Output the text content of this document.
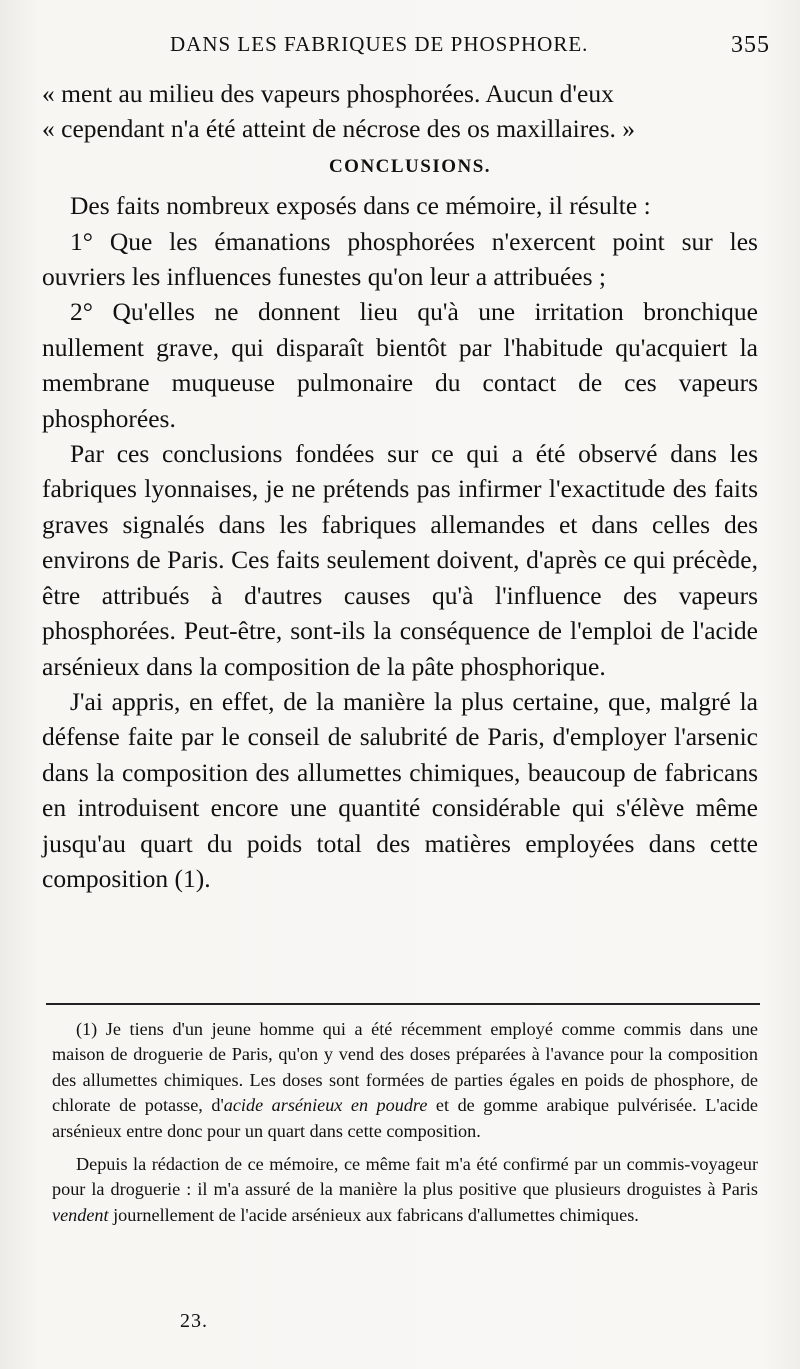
DANS LES FABRIQUES DE PHOSPHORE.	355

« ment au milieu des vapeurs phosphorées. Aucun d'eux

« cependant n'a été atteint de nécrose des os maxillaires. »

CONCLUSIONS.

Des faits nombreux exposés dans ce mémoire, il résulte :

1° Que les émanations phosphorées n'exercent point sur les ouvriers les influences funestes qu'on leur a attribuées ;

2° Qu'elles ne donnent lieu qu'à une irritation bronchique nullement grave, qui disparaît bientôt par l'habitude qu'acquiert la membrane muqueuse pulmonaire du contact de ces vapeurs phosphorées.

Par ces conclusions fondées sur ce qui a été observé dans les fabriques lyonnaises, je ne prétends pas infirmer l'exactitude des faits graves signalés dans les fabriques allemandes et dans celles des environs de Paris. Ces faits seulement doivent, d'après ce qui précède, être attribués à d'autres causes qu'à l'influence des vapeurs phosphorées. Peut-être, sont-ils la conséquence de l'emploi de l'acide arsénieux dans la composition de la pâte phosphorique.

J'ai appris, en effet, de la manière la plus certaine, que, malgré la défense faite par le conseil de salubrité de Paris, d'employer l'arsenic dans la composition des allumettes chimiques, beaucoup de fabricans en introduisent encore une quantité considérable qui s'élève même jusqu'au quart du poids total des matières employées dans cette composition (1).

(1) Je tiens d'un jeune homme qui a été récemment employé comme commis dans une maison de droguerie de Paris, qu'on y vend des doses préparées à l'avance pour la composition des allumettes chimiques. Les doses sont formées de parties égales en poids de phosphore, de chlorate de potasse, d'acide arsénieux en poudre et de gomme arabique pulvérisée. L'acide arsénieux entre donc pour un quart dans cette composition.

Depuis la rédaction de ce mémoire, ce même fait m'a été confirmé par un commis-voyageur pour la droguerie : il m'a assuré de la manière la plus positive que plusieurs droguistes à Paris vendent journellement de l'acide arsénieux aux fabricans d'allumettes chimiques.

23.
